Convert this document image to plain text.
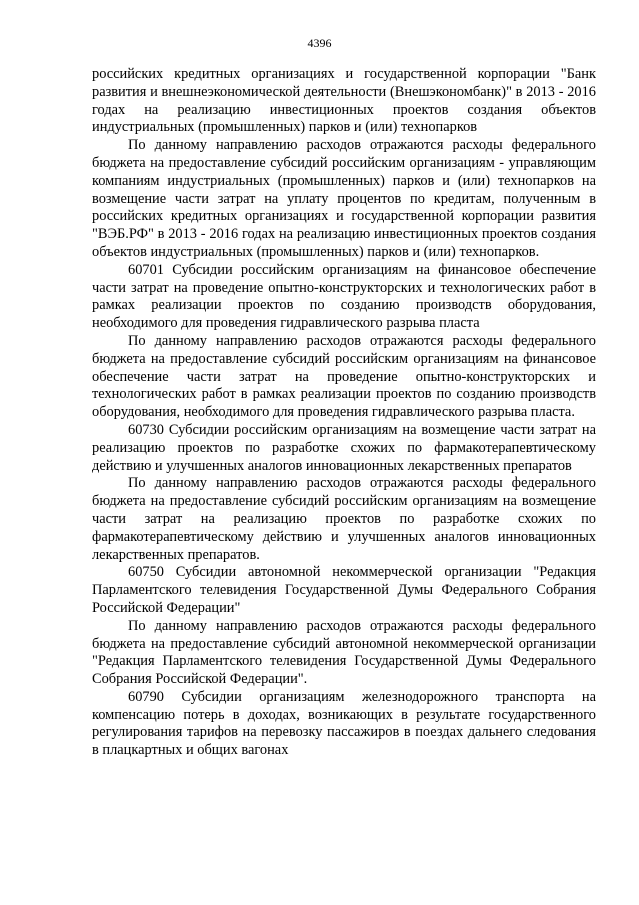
4396

российских кредитных организациях и государственной корпорации "Банк развития и внешнеэкономической деятельности (Внешэкономбанк)" в 2013 - 2016 годах на реализацию инвестиционных проектов создания объектов индустриальных (промышленных) парков и (или) технопарков

По данному направлению расходов отражаются расходы федерального бюджета на предоставление субсидий российским организациям - управляющим компаниям индустриальных (промышленных) парков и (или) технопарков на возмещение части затрат на уплату процентов по кредитам, полученным в российских кредитных организациях и государственной корпорации развития "ВЭБ.РФ" в 2013 - 2016 годах на реализацию инвестиционных проектов создания объектов индустриальных (промышленных) парков и (или) технопарков.

60701 Субсидии российским организациям на финансовое обеспечение части затрат на проведение опытно-конструкторских и технологических работ в рамках реализации проектов по созданию производств оборудования, необходимого для проведения гидравлического разрыва пласта

По данному направлению расходов отражаются расходы федерального бюджета на предоставление субсидий российским организациям на финансовое обеспечение части затрат на проведение опытно-конструкторских и технологических работ в рамках реализации проектов по созданию производств оборудования, необходимого для проведения гидравлического разрыва пласта.

60730 Субсидии российским организациям на возмещение части затрат на реализацию проектов по разработке схожих по фармакотерапевтическому действию и улучшенных аналогов инновационных лекарственных препаратов

По данному направлению расходов отражаются расходы федерального бюджета на предоставление субсидий российским организациям на возмещение части затрат на реализацию проектов по разработке схожих по фармакотерапевтическому действию и улучшенных аналогов инновационных лекарственных препаратов.

60750 Субсидии автономной некоммерческой организации "Редакция Парламентского телевидения Государственной Думы Федерального Собрания Российской Федерации"

По данному направлению расходов отражаются расходы федерального бюджета на предоставление субсидий автономной некоммерческой организации "Редакция Парламентского телевидения Государственной Думы Федерального Собрания Российской Федерации".

60790 Субсидии организациям железнодорожного транспорта на компенсацию потерь в доходах, возникающих в результате государственного регулирования тарифов на перевозку пассажиров в поездах дальнего следования в плацкартных и общих вагонах
